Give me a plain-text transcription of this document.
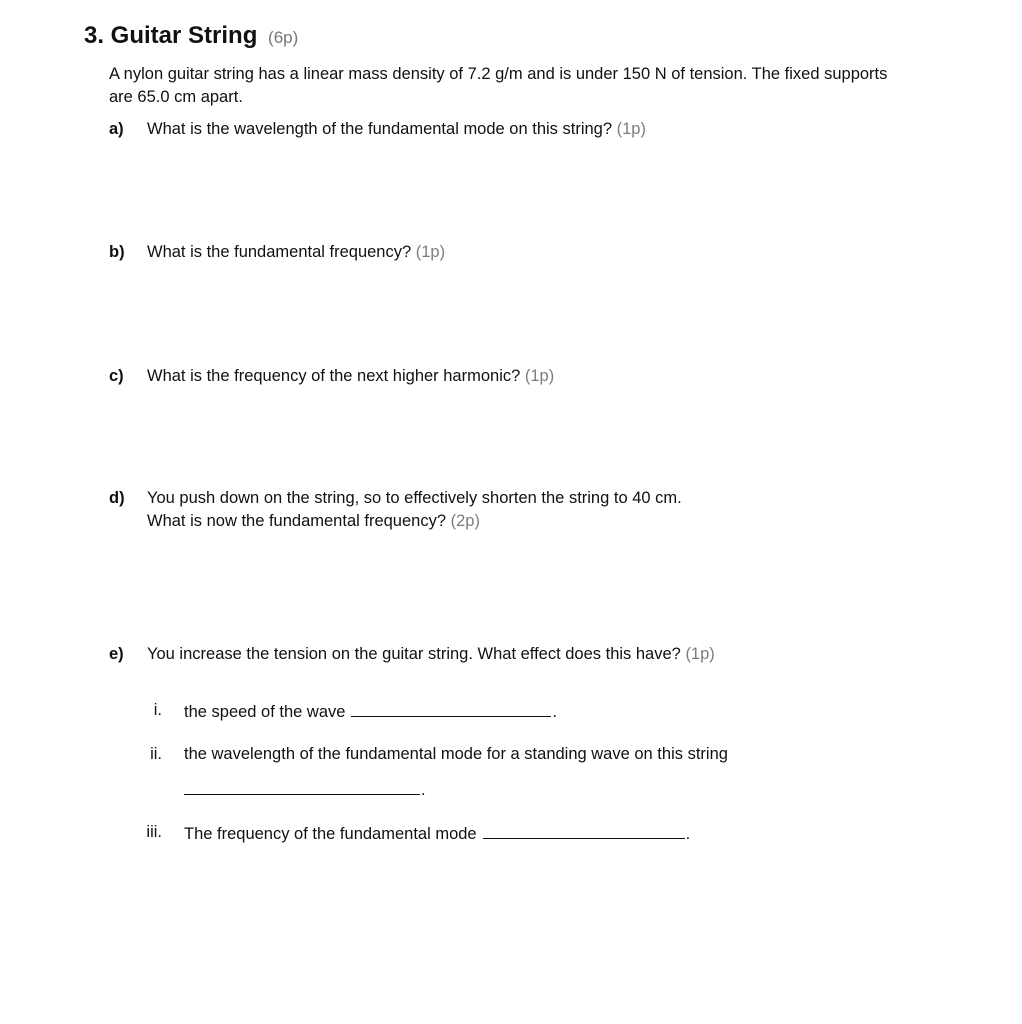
3. Guitar String (6p)
A nylon guitar string has a linear mass density of 7.2 g/m and is under 150 N of tension. The fixed supports are 65.0 cm apart.
a) What is the wavelength of the fundamental mode on this string? (1p)
b) What is the fundamental frequency? (1p)
c) What is the frequency of the next higher harmonic? (1p)
d) You push down on the string, so to effectively shorten the string to 40 cm.
What is now the fundamental frequency? (2p)
e) You increase the tension on the guitar string. What effect does this have? (1p)
i. the speed of the wave	.
ii. the wavelength of the fundamental mode for a standing wave on this string
.
iii. The frequency of the fundamental mode	.
